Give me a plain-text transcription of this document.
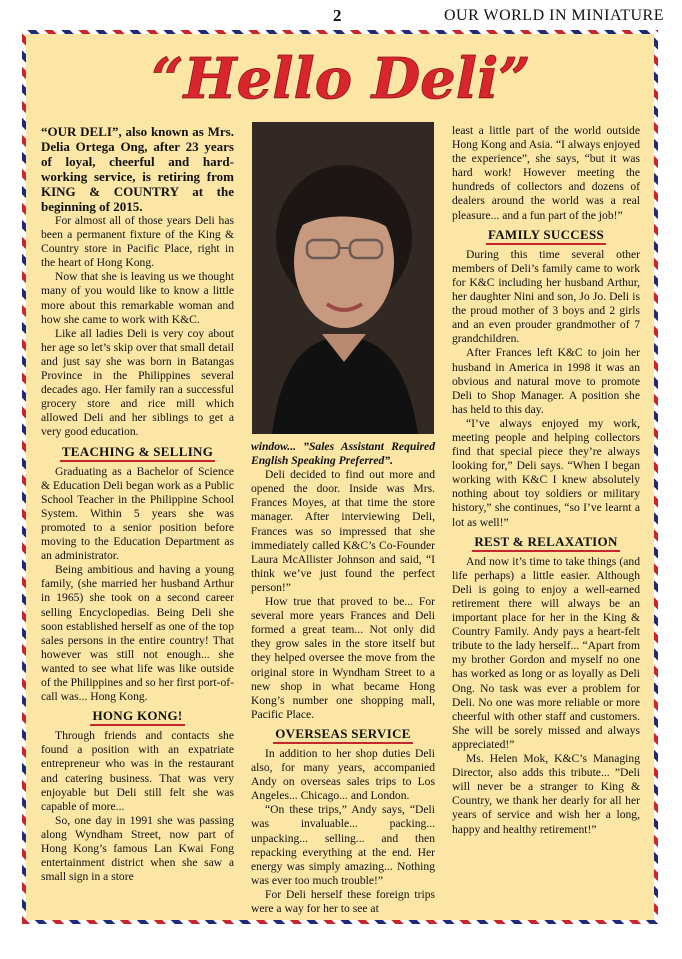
2	OUR WORLD IN MINIATURE
“Hello Deli”

“OUR DELI”, also known as Mrs. Delia Ortega Ong, after 23 years of loyal, cheerful and hard-working service, is retiring from KING & COUNTRY at the beginning of 2015.

For almost all of those years Deli has been a permanent fixture of the King & Country store in Pacific Place, right in the heart of Hong Kong.

Now that she is leaving us we thought many of you would like to know a little more about this remarkable woman and how she came to work with K&C.

Like all ladies Deli is very coy about her age so let’s skip over that small detail and just say she was born in Batangas Province in the Philippines several decades ago. Her family ran a successful grocery store and rice mill which allowed Deli and her siblings to get a very good education.

TEACHING & SELLING

Graduating as a Bachelor of Science & Education Deli began work as a Public School Teacher in the Philippine School System. Within 5 years she was promoted to a senior position before moving to the Education Department as an administrator.

Being ambitious and having a young family, (she married her husband Arthur in 1965) she took on a second career selling Encyclopedias. Being Deli she soon established herself as one of the top sales persons in the entire country! That however was still not enough... she wanted to see what life was like outside of the Philippines and so her first port-of-call was... Hong Kong.

HONG KONG!

Through friends and contacts she found a position with an expatriate entrepreneur who was in the restaurant and catering business. That was very enjoyable but Deli still felt she was capable of more...

So, one day in 1991 she was passing along Wyndham Street, now part of Hong Kong’s famous Lan Kwai Fong entertainment district when she saw a small sign in a store

window... ”Sales Assistant Required English Speaking Preferred”.

Deli decided to find out more and opened the door. Inside was Mrs. Frances Moyes, at that time the store manager. After interviewing Deli, Frances was so impressed that she immediately called K&C’s Co-Founder Laura McAllister Johnson and said, “I think we’ve just found the perfect person!”

How true that proved to be... For several more years Frances and Deli formed a great team... Not only did they grow sales in the store itself but they helped oversee the move from the original store in Wyndham Street to a new shop in what became Hong Kong’s number one shopping mall, Pacific Place.

OVERSEAS SERVICE

In addition to her shop duties Deli also, for many years, accompanied Andy on overseas sales trips to Los Angeles... Chicago... and London.

“On these trips,” Andy says, “Deli was invaluable... packing... unpacking... selling... and then repacking everything at the end. Her energy was simply amazing... Nothing was ever too much trouble!”

For Deli herself these foreign trips were a way for her to see at

least a little part of the world outside Hong Kong and Asia. “I always enjoyed the experience”, she says, “but it was hard work! However meeting the hundreds of collectors and dozens of dealers around the world was a real pleasure... and a fun part of the job!”

FAMILY SUCCESS

During this time several other members of Deli’s family came to work for K&C including her husband Arthur, her daughter Nini and son, Jo Jo. Deli is the proud mother of 3 boys and 2 girls and an even prouder grandmother of 7 grandchildren.

After Frances left K&C to join her husband in America in 1998 it was an obvious and natural move to promote Deli to Shop Manager. A position she has held to this day.

“I’ve always enjoyed my work, meeting people and helping collectors find that special piece they’re always looking for,” Deli says. “When I began working with K&C I knew absolutely nothing about toy soldiers or military history,” she continues, “so I’ve learnt a lot as well!”

REST & RELAXATION

And now it’s time to take things (and life perhaps) a little easier. Although Deli is going to enjoy a well-earned retirement there will always be an important place for her in the King & Country Family. Andy pays a heart-felt tribute to the lady herself... “Apart from my brother Gordon and myself no one has worked as long or as loyally as Deli Ong. No task was ever a problem for Deli. No one was more reliable or more cheerful with other staff and customers. She will be sorely missed and always appreciated!”

Ms. Helen Mok, K&C’s Managing Director, also adds this tribute... ”Deli will never be a stranger to King & Country, we thank her dearly for all her years of service and wish her a long, happy and healthy retirement!”
